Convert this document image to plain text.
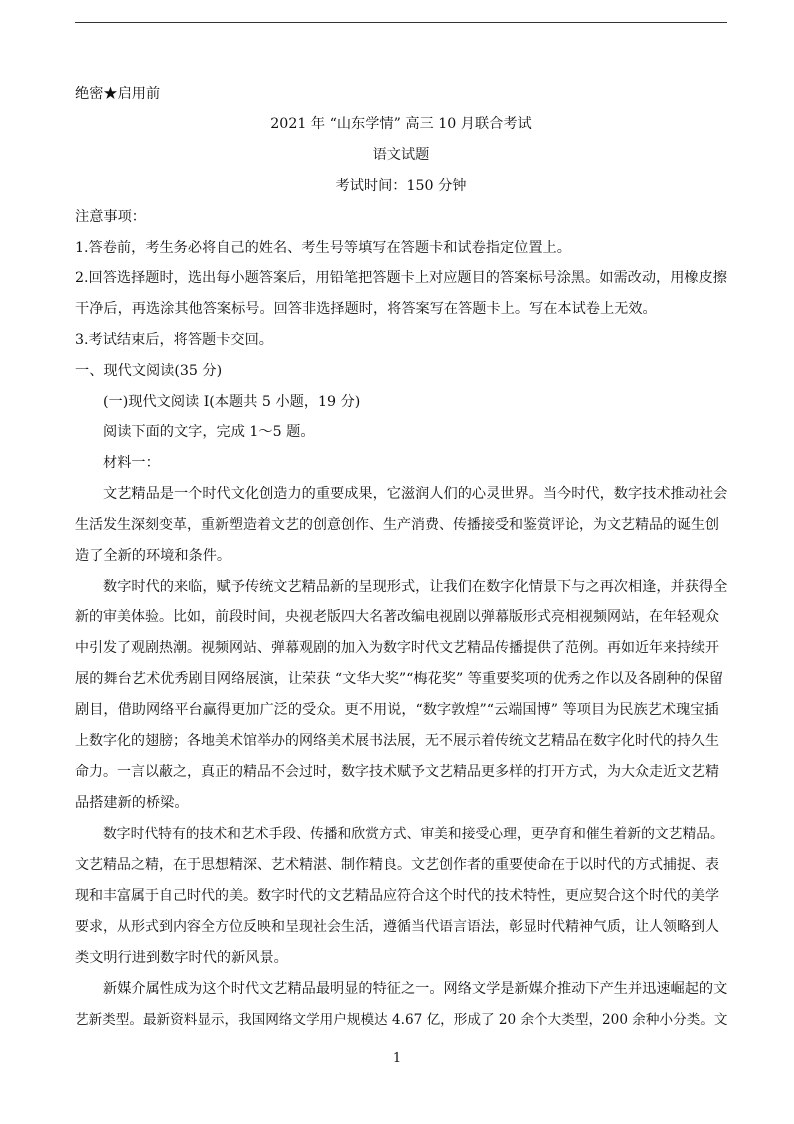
绝密★启用前
2021 年 “山东学情” 高三 10 月联合考试
语文试题
考试时间：150 分钟
注意事项：
1.答卷前，考生务必将自己的姓名、考生号等填写在答题卡和试卷指定位置上。
2.回答选择题时，选出每小题答案后，用铅笔把答题卡上对应题目的答案标号涂黑。如需改动，用橡皮擦
干净后，再选涂其他答案标号。回答非选择题时，将答案写在答题卡上。写在本试卷上无效。
3.考试结束后，将答题卡交回。
一、现代文阅读(35 分)
(一)现代文阅读 I(本题共 5 小题，19 分)
阅读下面的文字，完成 1～5 题。
材料一：
文艺精品是一个时代文化创造力的重要成果，它滋润人们的心灵世界。当今时代，数字技术推动社会
生活发生深刻变革，重新塑造着文艺的创意创作、生产消费、传播接受和鉴赏评论，为文艺精品的诞生创
造了全新的环境和条件。
数字时代的来临，赋予传统文艺精品新的呈现形式，让我们在数字化情景下与之再次相逢，并获得全
新的审美体验。比如，前段时间，央视老版四大名著改编电视剧以弹幕版形式亮相视频网站，在年轻观众
中引发了观剧热潮。视频网站、弹幕观剧的加入为数字时代文艺精品传播提供了范例。再如近年来持续开
展的舞台艺术优秀剧目网络展演，让荣获 “文华大奖”“梅花奖” 等重要奖项的优秀之作以及各剧种的保留
剧目，借助网络平台赢得更加广泛的受众。更不用说，“数字敦煌”“云端国博” 等项目为民族艺术瑰宝插
上数字化的翅膀；各地美术馆举办的网络美术展书法展，无不展示着传统文艺精品在数字化时代的持久生
命力。一言以蔽之，真正的精品不会过时，数字技术赋予文艺精品更多样的打开方式，为大众走近文艺精
品搭建新的桥梁。
数字时代特有的技术和艺术手段、传播和欣赏方式、审美和接受心理，更孕育和催生着新的文艺精品。
文艺精品之精，在于思想精深、艺术精湛、制作精良。文艺创作者的重要使命在于以时代的方式捕捉、表
现和丰富属于自己时代的美。数字时代的文艺精品应符合这个时代的技术特性，更应契合这个时代的美学
要求，从形式到内容全方位反映和呈现社会生活，遵循当代语言语法，彰显时代精神气质，让人领略到人
类文明行进到数字时代的新风景。
新媒介属性成为这个时代文艺精品最明显的特征之一。网络文学是新媒介推动下产生并迅速崛起的文
艺新类型。最新资料显示，我国网络文学用户规模达 4.67 亿，形成了 20 余个大类型，200 余种小分类。文
1
